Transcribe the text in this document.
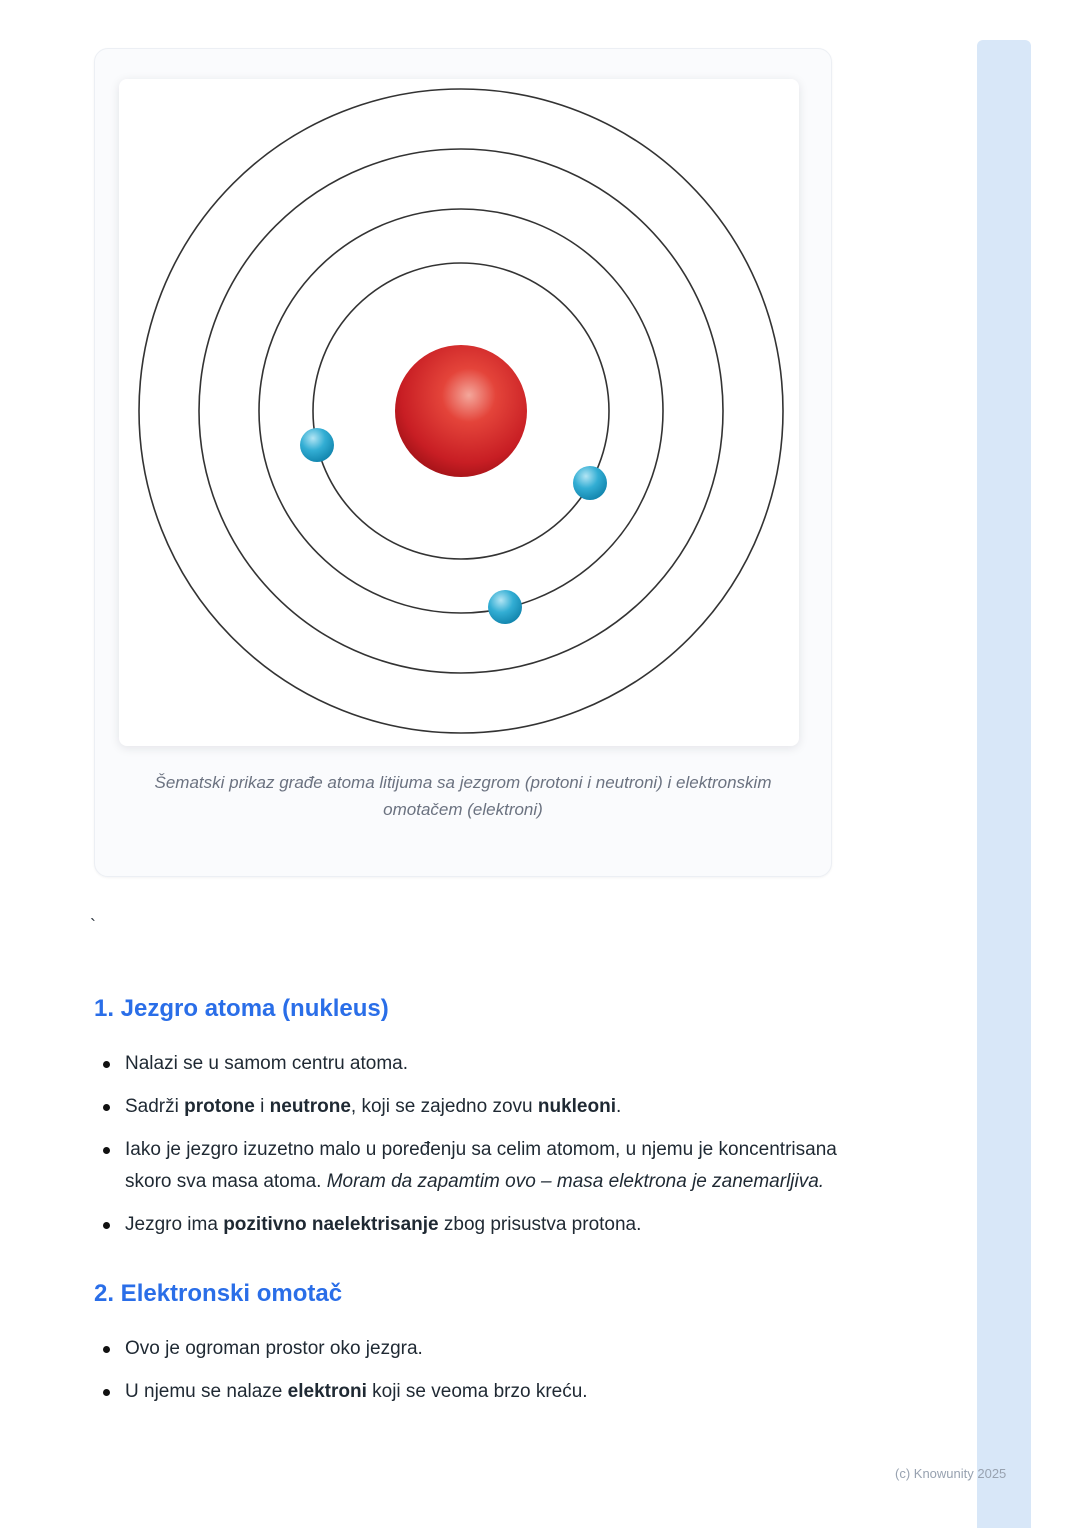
Šematski prikaz građe atoma litijuma sa jezgrom (protoni i neutroni) i elektronskim omotačem (elektroni)
`
1. Jezgro atoma (nukleus)
Nalazi se u samom centru atoma.
Sadrži protone i neutrone, koji se zajedno zovu nukleoni.
Iako je jezgro izuzetno malo u poređenju sa celim atomom, u njemu je koncentrisana skoro sva masa atoma. Moram da zapamtim ovo – masa elektrona je zanemarljiva.
Jezgro ima pozitivno naelektrisanje zbog prisustva protona.
2. Elektronski omotač
Ovo je ogroman prostor oko jezgra.
U njemu se nalaze elektroni koji se veoma brzo kreću.
(c) Knowunity 2025
